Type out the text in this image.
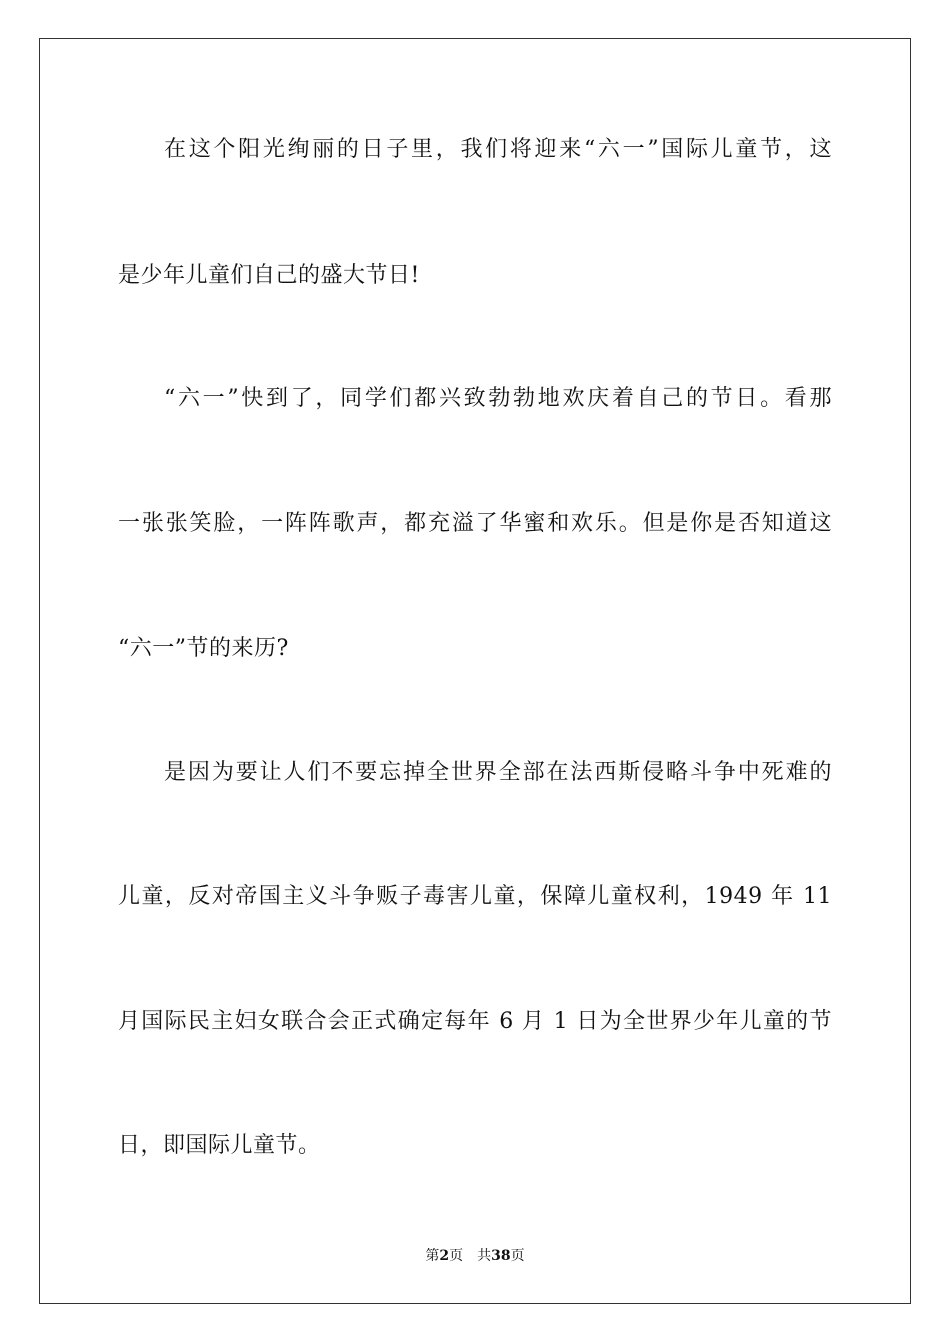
在这个阳光绚丽的日子里，我们将迎来“六一”国际儿童节，这
是少年儿童们自己的盛大节日!
“六一”快到了，同学们都兴致勃勃地欢庆着自己的节日。看那
一张张笑脸，一阵阵歌声，都充溢了华蜜和欢乐。但是你是否知道这
“六一”节的来历?
是因为要让人们不要忘掉全世界全部在法西斯侵略斗争中死难的
儿童，反对帝国主义斗争贩子毒害儿童，保障儿童权利，1949 年 11
月国际民主妇女联合会正式确定每年 6 月 1 日为全世界少年儿童的节
日，即国际儿童节。
第2页　共38页
